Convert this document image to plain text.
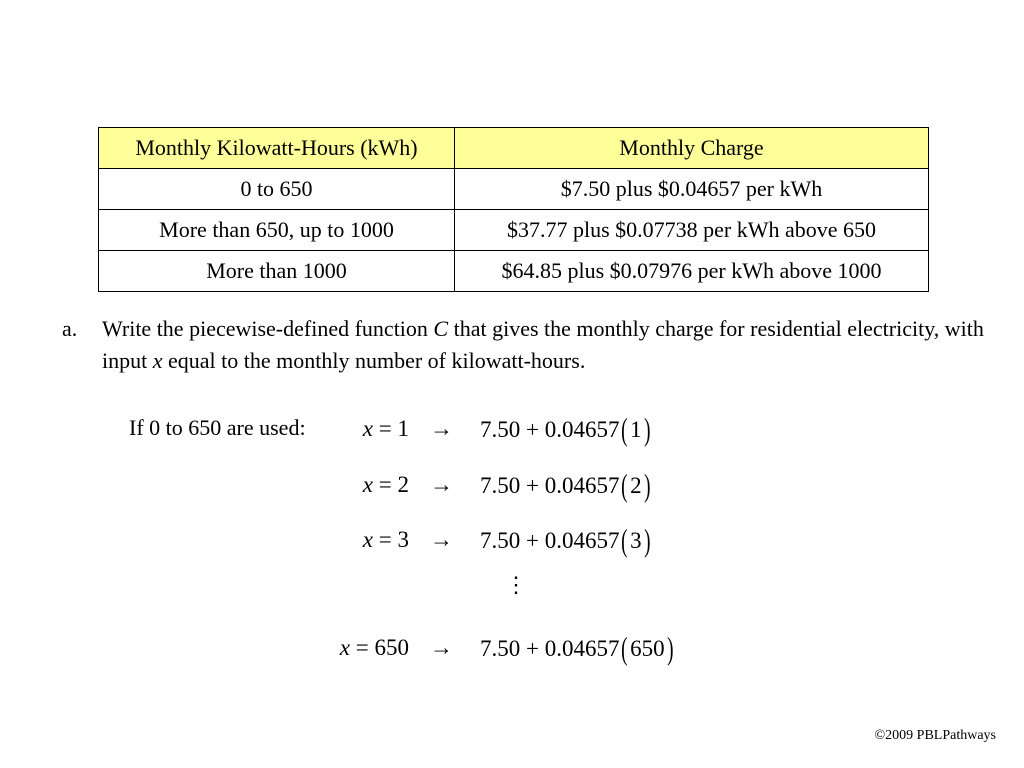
Monthly Kilowatt-Hours (kWh)	Monthly Charge
0 to 650	$7.50 plus $0.04657 per kWh
More than 650, up to 1000	$37.77 plus $0.07738 per kWh above 650
More than 1000	$64.85 plus $0.07976 per kWh above 1000
a. Write the piecewise-defined function C that gives the monthly charge for residential electricity, with input x equal to the monthly number of kilowatt-hours.
If 0 to 650 are used: x = 1 → 7.50 + 0.04657(1)
x = 2 → 7.50 + 0.04657(2)
x = 3 → 7.50 + 0.04657(3)
⋮
x = 650 → 7.50 + 0.04657(650)
©2009 PBLPathways
